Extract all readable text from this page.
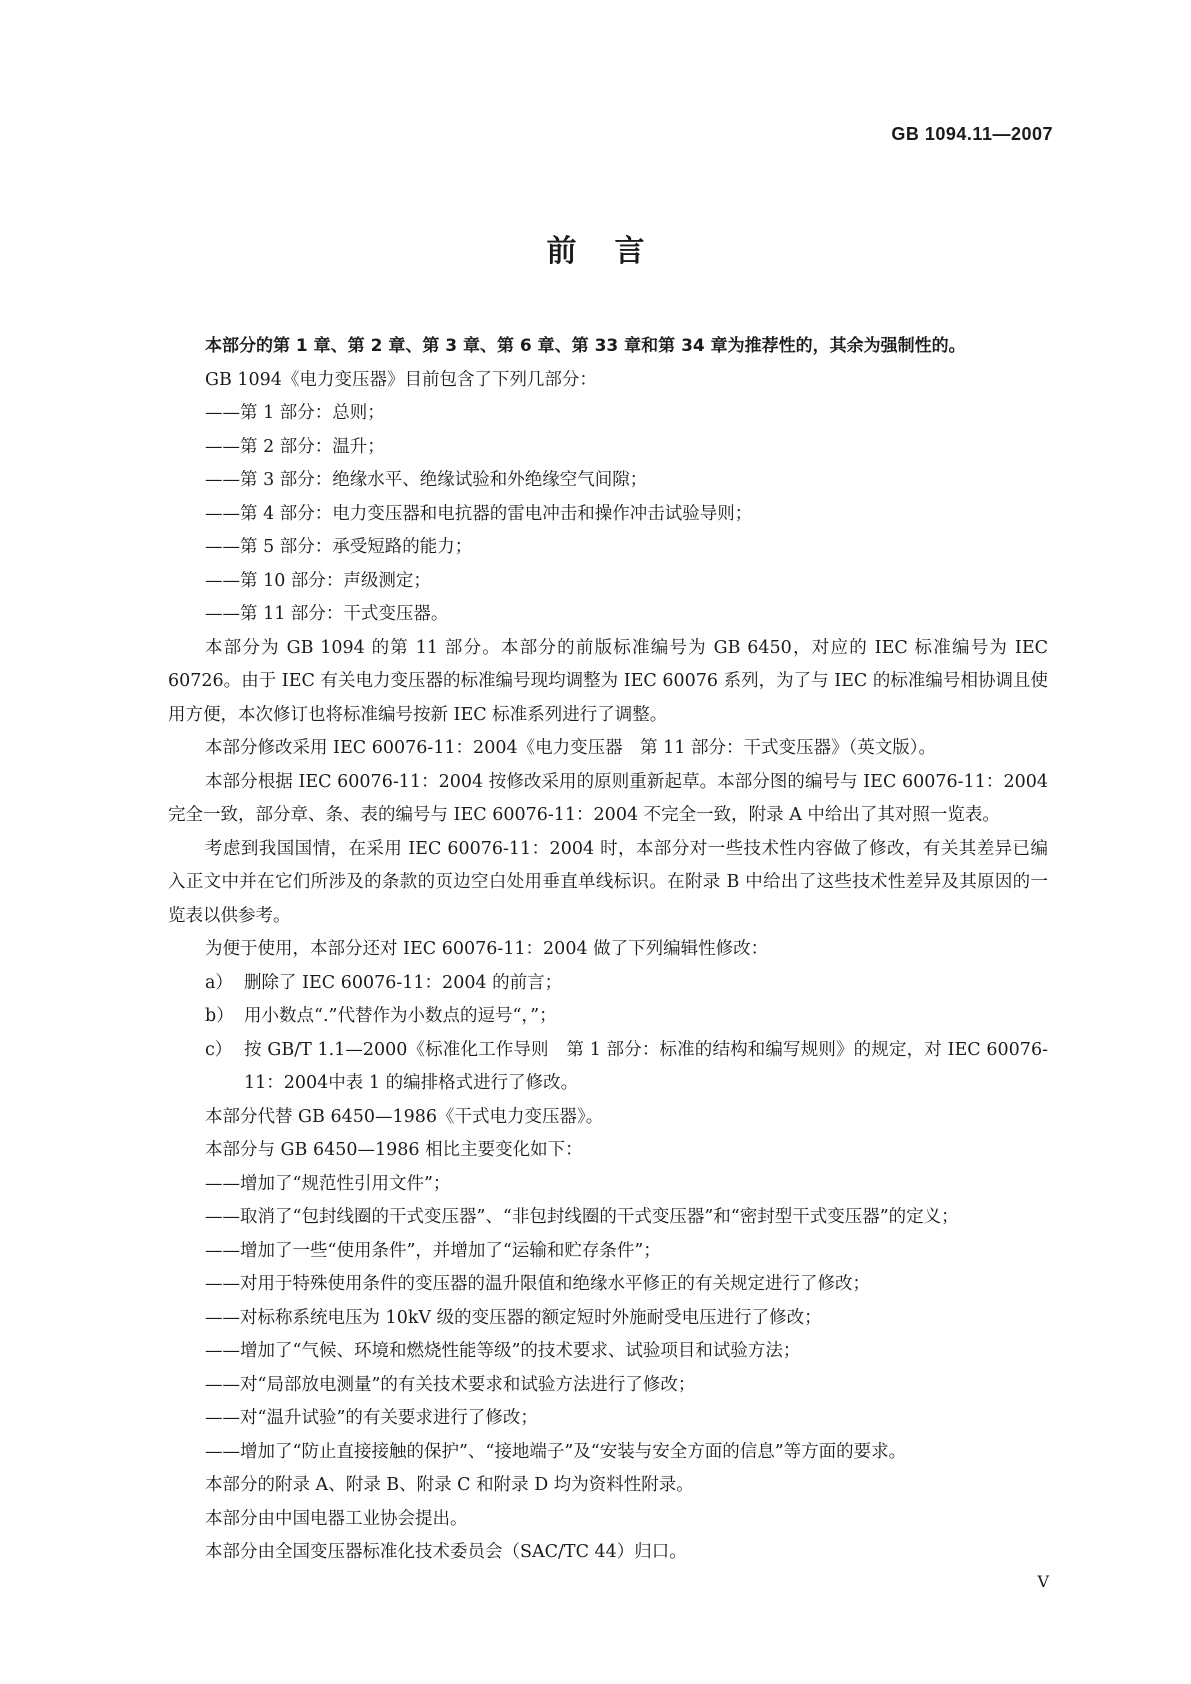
GB 1094.11—2007
前言

本部分的第 1 章、第 2 章、第 3 章、第 6 章、第 33 章和第 34 章为推荐性的，其余为强制性的。

GB 1094《电力变压器》目前包含了下列几部分：

——第 1 部分：总则；

——第 2 部分：温升；

——第 3 部分：绝缘水平、绝缘试验和外绝缘空气间隙；

——第 4 部分：电力变压器和电抗器的雷电冲击和操作冲击试验导则；

——第 5 部分：承受短路的能力；

——第 10 部分：声级测定；

——第 11 部分：干式变压器。

本部分为 GB 1094 的第 11 部分。本部分的前版标准编号为 GB 6450，对应的 IEC 标准编号为 IEC 60726。由于 IEC 有关电力变压器的标准编号现均调整为 IEC 60076 系列，为了与 IEC 的标准编号相协调且使用方便，本次修订也将标准编号按新 IEC 标准系列进行了调整。

本部分修改采用 IEC 60076-11：2004《电力变压器　第 11 部分：干式变压器》（英文版）。

本部分根据 IEC 60076-11：2004 按修改采用的原则重新起草。本部分图的编号与 IEC 60076-11：2004 完全一致，部分章、条、表的编号与 IEC 60076-11：2004 不完全一致，附录 A 中给出了其对照一览表。

考虑到我国国情，在采用 IEC 60076-11：2004 时，本部分对一些技术性内容做了修改，有关其差异已编入正文中并在它们所涉及的条款的页边空白处用垂直单线标识。在附录 B 中给出了这些技术性差异及其原因的一览表以供参考。

为便于使用，本部分还对 IEC 60076-11：2004 做了下列编辑性修改：

a） 删除了 IEC 60076-11：2004 的前言；

b） 用小数点“.”代替作为小数点的逗号“，”；

c） 按 GB/T 1.1—2000《标准化工作导则　第 1 部分：标准的结构和编写规则》的规定，对 IEC 60076-11：2004中表 1 的编排格式进行了修改。

本部分代替 GB 6450—1986《干式电力变压器》。

本部分与 GB 6450—1986 相比主要变化如下：

——增加了“规范性引用文件”；

——取消了“包封线圈的干式变压器”、“非包封线圈的干式变压器”和“密封型干式变压器”的定义；

——增加了一些“使用条件”，并增加了“运输和贮存条件”；

——对用于特殊使用条件的变压器的温升限值和绝缘水平修正的有关规定进行了修改；

——对标称系统电压为 10kV 级的变压器的额定短时外施耐受电压进行了修改；

——增加了“气候、环境和燃烧性能等级”的技术要求、试验项目和试验方法；

——对“局部放电测量”的有关技术要求和试验方法进行了修改；

——对“温升试验”的有关要求进行了修改；

——增加了“防止直接接触的保护”、“接地端子”及“安装与安全方面的信息”等方面的要求。

本部分的附录 A、附录 B、附录 C 和附录 D 均为资料性附录。

本部分由中国电器工业协会提出。

本部分由全国变压器标准化技术委员会（SAC/TC 44）归口。

V
